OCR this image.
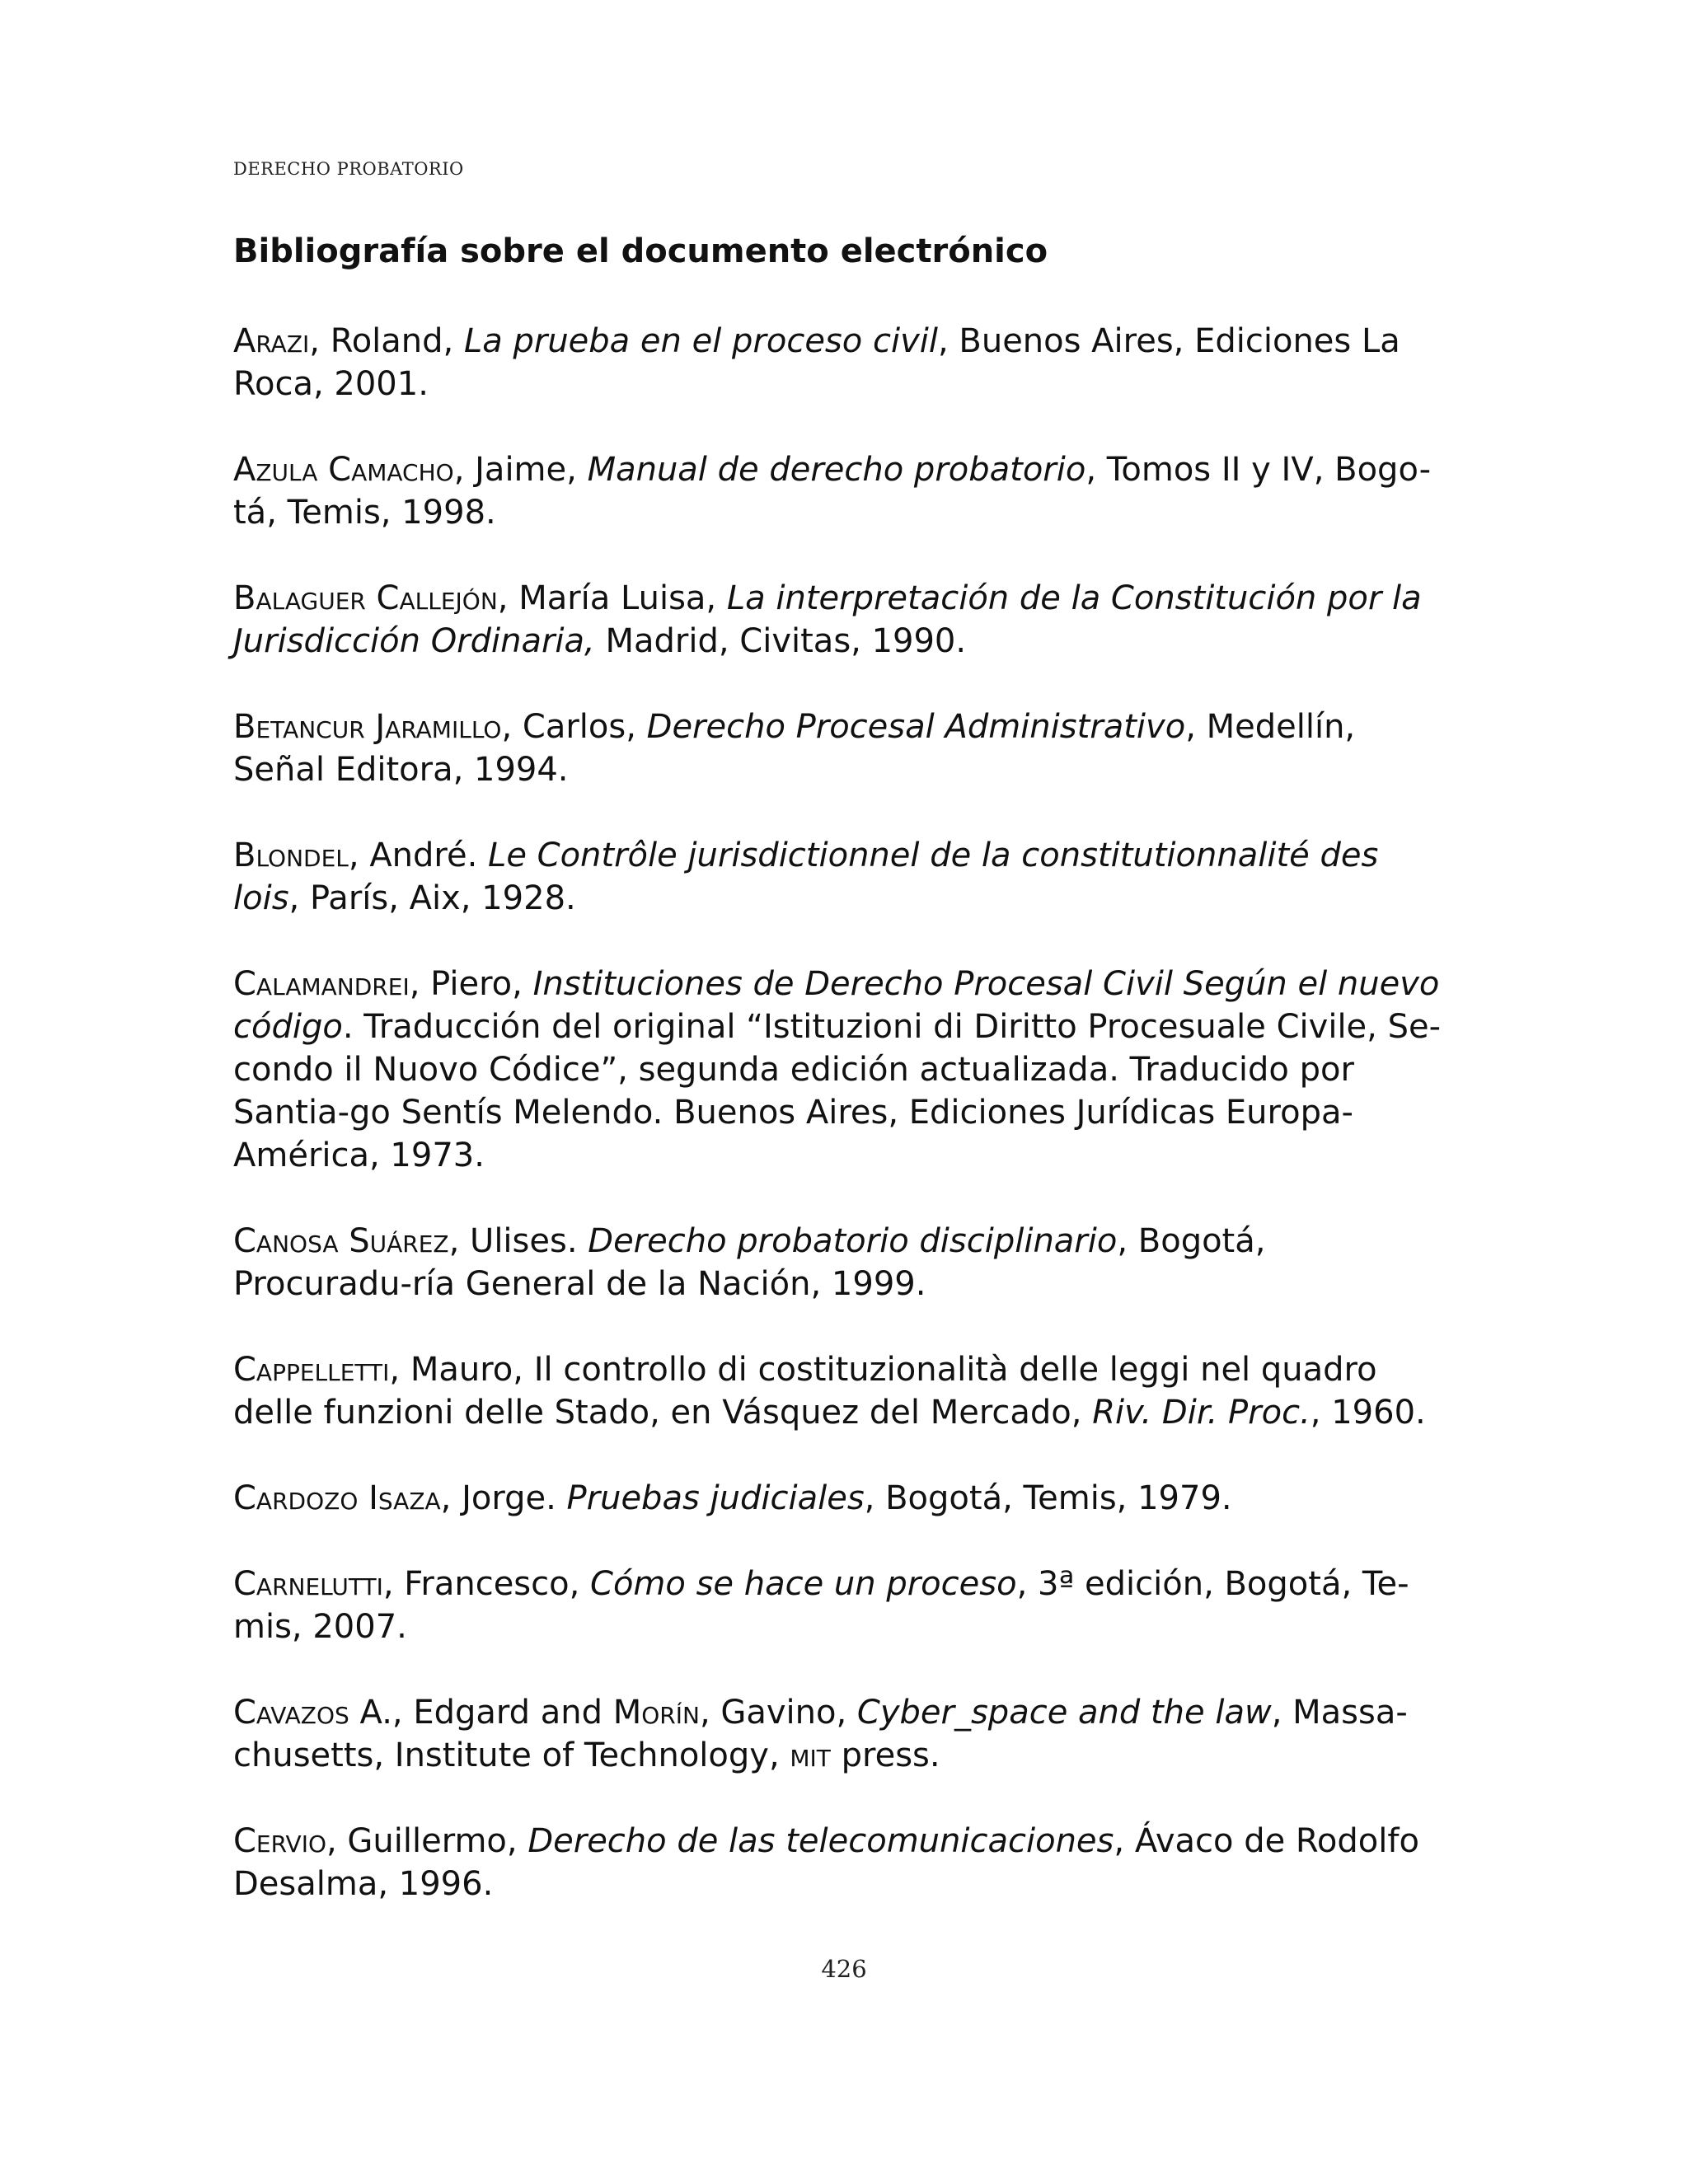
DERECHO PROBATORIO
Bibliografía sobre el documento electrónico
Arazi, Roland, La prueba en el proceso civil, Buenos Aires, Ediciones La Roca, 2001.
Azula Camacho, Jaime, Manual de derecho probatorio, Tomos II y IV, Bogo-tá, Temis, 1998.
Balaguer Callejón, María Luisa, La interpretación de la Constitución por la Jurisdicción Ordinaria, Madrid, Civitas, 1990.
Betancur Jaramillo, Carlos, Derecho Procesal Administrativo, Medellín, Señal Editora, 1994.
Blondel, André. Le Contrôle jurisdictionnel de la constitutionnalité des lois, París, Aix, 1928.
Calamandrei, Piero, Instituciones de Derecho Procesal Civil Según el nuevo código. Traducción del original “Istituzioni di Diritto Procesuale Civile, Se-condo il Nuovo Códice”, segunda edición actualizada. Traducido por Santia-go Sentís Melendo. Buenos Aires, Ediciones Jurídicas Europa-América, 1973.
Canosa Suárez, Ulises. Derecho probatorio disciplinario, Bogotá, Procuradu-ría General de la Nación, 1999.
Cappelletti, Mauro, Il controllo di costituzionalità delle leggi nel quadro delle funzioni delle Stado, en Vásquez del Mercado, Riv. Dir. Proc., 1960.
Cardozo Isaza, Jorge. Pruebas judiciales, Bogotá, Temis, 1979.
Carnelutti, Francesco, Cómo se hace un proceso, 3ª edición, Bogotá, Te-mis, 2007.
Cavazos A., Edgard and Morín, Gavino, Cyber_space and the law, Massa-chusetts, Institute of Technology, mit press.
Cervio, Guillermo, Derecho de las telecomunicaciones, Ávaco de Rodolfo Desalma, 1996.
426
